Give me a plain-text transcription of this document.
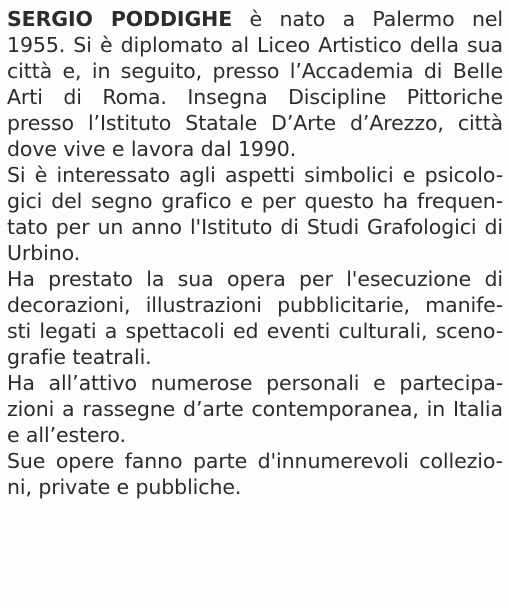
SERGIO PODDIGHE è nato a Palermo nel
1955. Si è diplomato al Liceo Artistico della sua
città e, in seguito, presso l’Accademia di Belle
Arti di Roma. Insegna Discipline Pittoriche
presso l’Istituto Statale D’Arte d’Arezzo, città
dove vive e lavora dal 1990.
Si è interessato agli aspetti simbolici e psicolo-
gici del segno grafico e per questo ha frequen-
tato per un anno l'Istituto di Studi Grafologici di
Urbino.
Ha prestato la sua opera per l'esecuzione di
decorazioni, illustrazioni pubblicitarie, manife-
sti legati a spettacoli ed eventi culturali, sceno-
grafie teatrali.
Ha all’attivo numerose personali e partecipa-
zioni a rassegne d’arte contemporanea, in Italia
e all’estero.
Sue opere fanno parte d'innumerevoli collezio-
ni, private e pubbliche.
